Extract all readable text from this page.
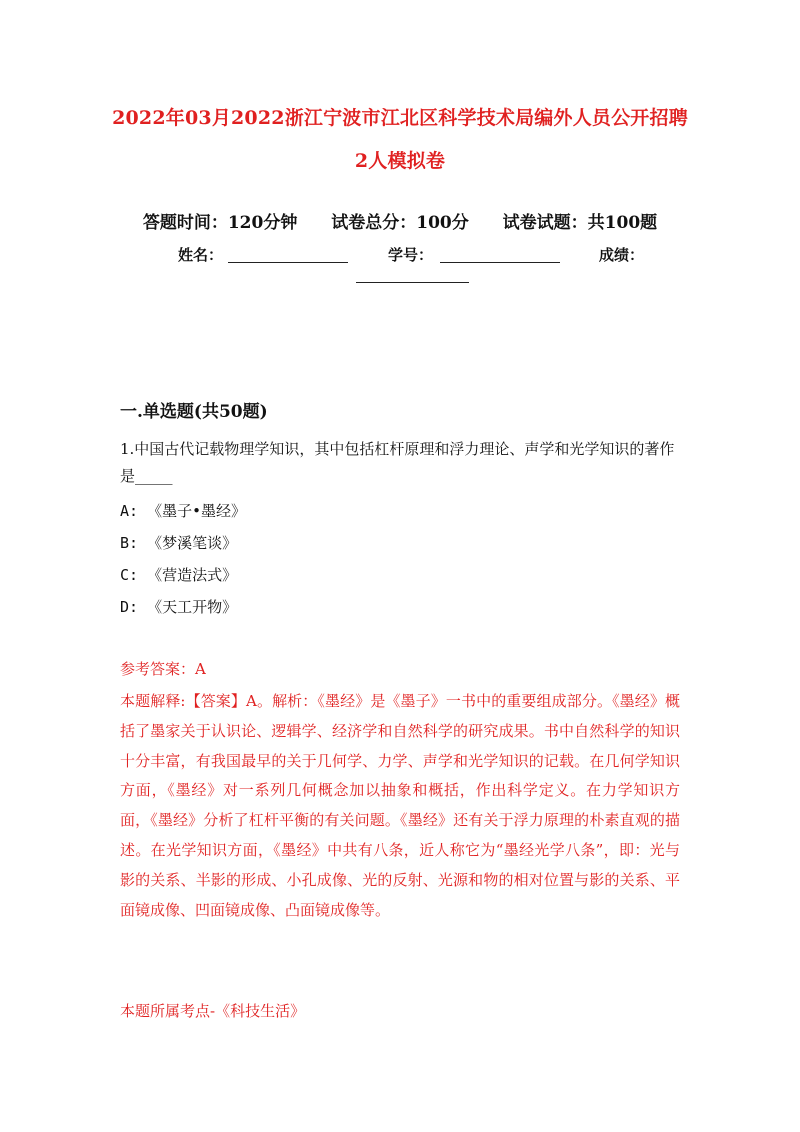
2022年03月2022浙江宁波市江北区科学技术局编外人员公开招聘
2人模拟卷
答题时间：120分钟 试卷总分：100分 试卷试题：共100题
姓名：	学号：	成绩：
一.单选题(共50题)
1.中国古代记载物理学知识，其中包括杠杆原理和浮力理论、声学和光学知识的著作是_____
A: 《墨子•墨经》
B: 《梦溪笔谈》
C: 《营造法式》
D: 《天工开物》
参考答案：A
本题解释:【答案】A。解析：《墨经》是《墨子》一书中的重要组成部分。《墨经》概括了墨家关于认识论、逻辑学、经济学和自然科学的研究成果。书中自然科学的知识十分丰富，有我国最早的关于几何学、力学、声学和光学知识的记载。在几何学知识方面，《墨经》对一系列几何概念加以抽象和概括，作出科学定义。在力学知识方面，《墨经》分析了杠杆平衡的有关问题。《墨经》还有关于浮力原理的朴素直观的描述。在光学知识方面，《墨经》中共有八条，近人称它为“墨经光学八条”，即：光与影的关系、半影的形成、小孔成像、光的反射、光源和物的相对位置与影的关系、平面镜成像、凹面镜成像、凸面镜成像等。
本题所属考点-《科技生活》
